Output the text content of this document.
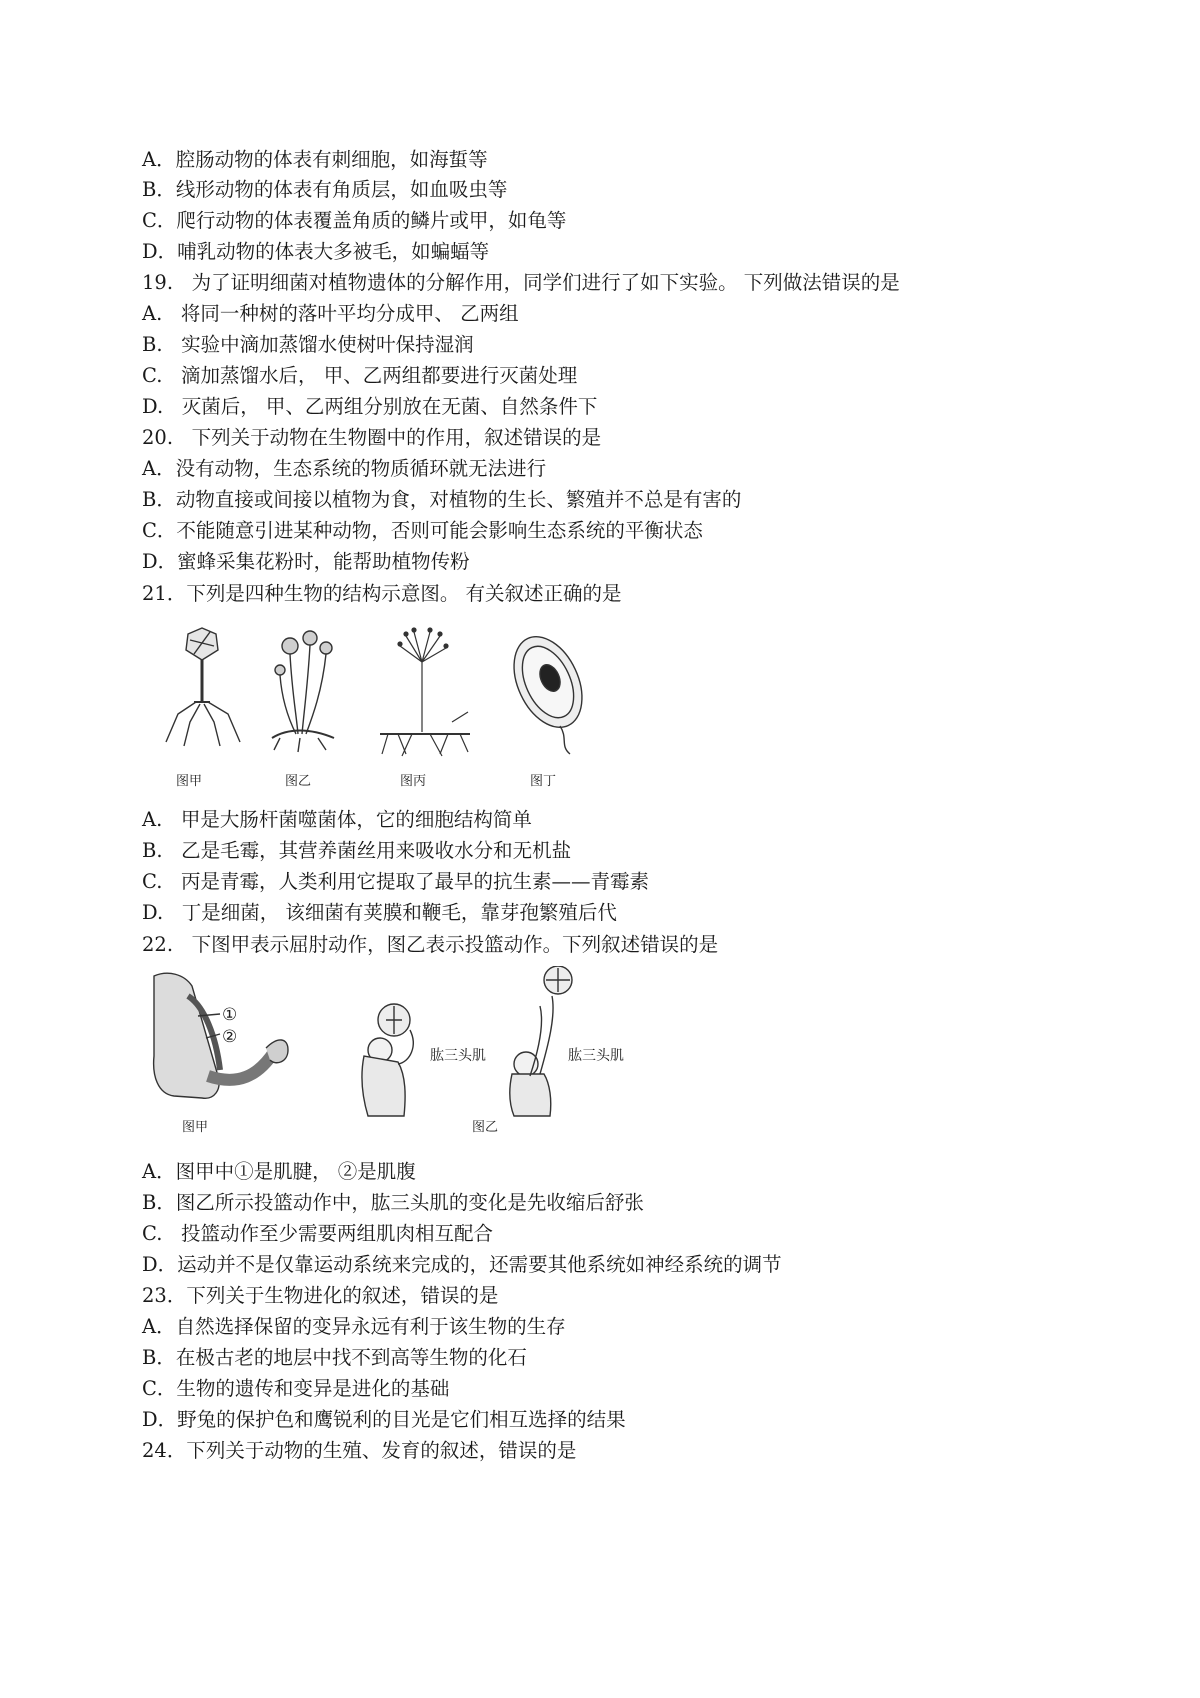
A．腔肠动物的体表有刺细胞，如海蜇等
B．线形动物的体表有角质层，如血吸虫等
C．爬行动物的体表覆盖角质的鳞片或甲，如龟等
D．哺乳动物的体表大多被毛，如蝙蝠等
19.   为了证明细菌对植物遗体的分解作用，同学们进行了如下实验。 下列做法错误的是
A.   将同一种树的落叶平均分成甲、 乙两组
B.   实验中滴加蒸馏水使树叶保持湿润
C.   滴加蒸馏水后， 甲、乙两组都要进行灭菌处理
D.   灭菌后， 甲、乙两组分别放在无菌、自然条件下
20.   下列关于动物在生物圈中的作用，叙述错误的是
A．没有动物，生态系统的物质循环就无法进行
B．动物直接或间接以植物为食，对植物的生长、繁殖并不总是有害的
C．不能随意引进某种动物，否则可能会影响生态系统的平衡状态
D．蜜蜂采集花粉时，能帮助植物传粉
21．下列是四种生物的结构示意图。 有关叙述正确的是
图甲	图乙	图丙	图丁
A.   甲是大肠杆菌噬菌体，它的细胞结构简单
B.   乙是毛霉，其营养菌丝用来吸收水分和无机盐
C.   丙是青霉，人类利用它提取了最早的抗生素——青霉素
D.   丁是细菌， 该细菌有荚膜和鞭毛，靠芽孢繁殖后代
22.   下图甲表示屈肘动作，图乙表示投篮动作。下列叙述错误的是
①
②
肱三头肌	肱三头肌
图甲	图乙
A．图甲中①是肌腱， ②是肌腹
B．图乙所示投篮动作中，肱三头肌的变化是先收缩后舒张
C.   投篮动作至少需要两组肌肉相互配合
D．运动并不是仅靠运动系统来完成的，还需要其他系统如神经系统的调节
23．下列关于生物进化的叙述，错误的是
A．自然选择保留的变异永远有利于该生物的生存
B．在极古老的地层中找不到高等生物的化石
C．生物的遗传和变异是进化的基础
D．野兔的保护色和鹰锐利的目光是它们相互选择的结果
24．下列关于动物的生殖、发育的叙述，错误的是
